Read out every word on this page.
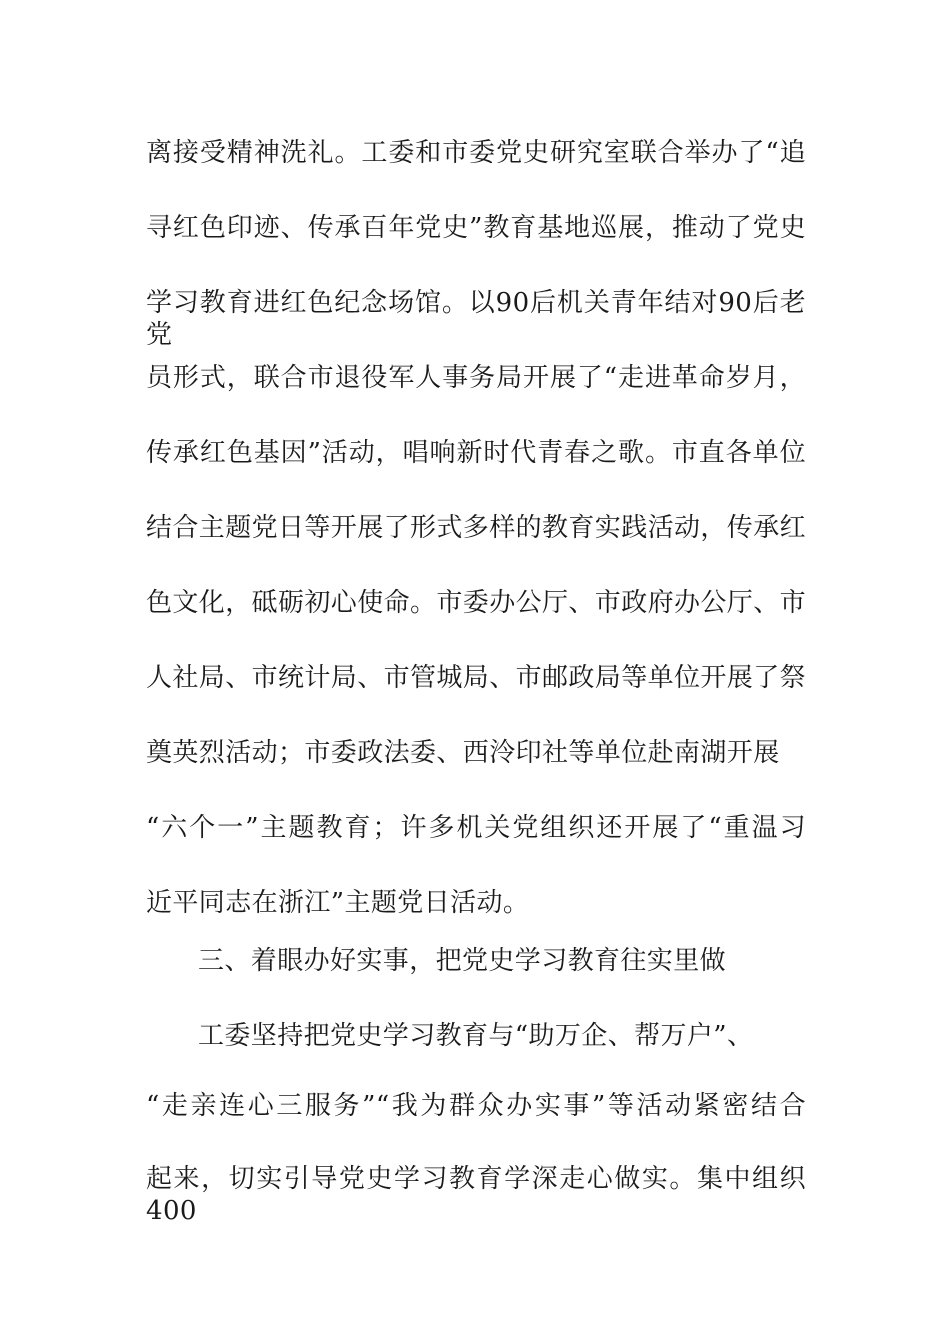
离接受精神洗礼。工委和市委党史研究室联合举办了“追
寻红色印迹、传承百年党史”教育基地巡展，推动了党史
学习教育进红色纪念场馆。以90后机关青年结对90后老党
员形式，联合市退役军人事务局开展了“走进革命岁月，
传承红色基因”活动，唱响新时代青春之歌。市直各单位
结合主题党日等开展了形式多样的教育实践活动，传承红
色文化，砥砺初心使命。市委办公厅、市政府办公厅、市
人社局、市统计局、市管城局、市邮政局等单位开展了祭
奠英烈活动；市委政法委、西泠印社等单位赴南湖开展
“六个一”主题教育；许多机关党组织还开展了“重温习
近平同志在浙江”主题党日活动。
三、着眼办好实事，把党史学习教育往实里做
工委坚持把党史学习教育与“助万企、帮万户”、
“走亲连心三服务”“我为群众办实事”等活动紧密结合
起来，切实引导党史学习教育学深走心做实。集中组织400
